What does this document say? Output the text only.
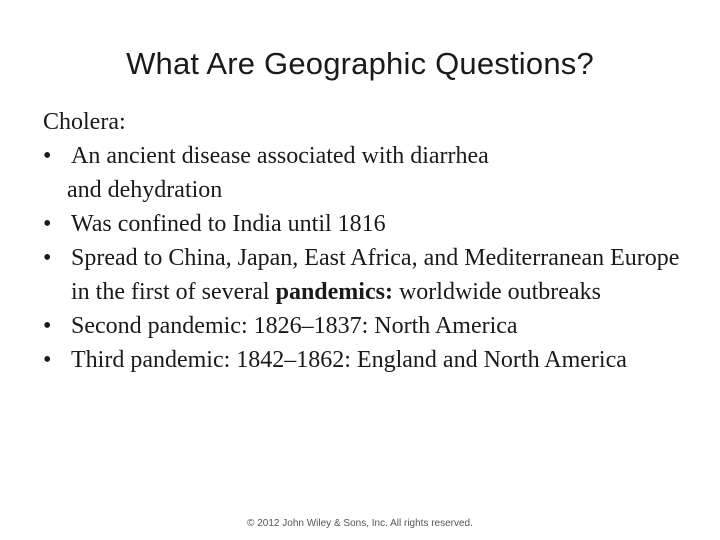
What Are Geographic Questions?

Cholera:

• An ancient disease associated with diarrhea
and dehydration
• Was confined to India until 1816
• Spread to China, Japan, East Africa, and Mediterranean Europe in the first of several pandemics: worldwide outbreaks
• Second pandemic: 1826–1837: North America
• Third pandemic: 1842–1862: England and North America
© 2012 John Wiley & Sons, Inc. All rights reserved.
